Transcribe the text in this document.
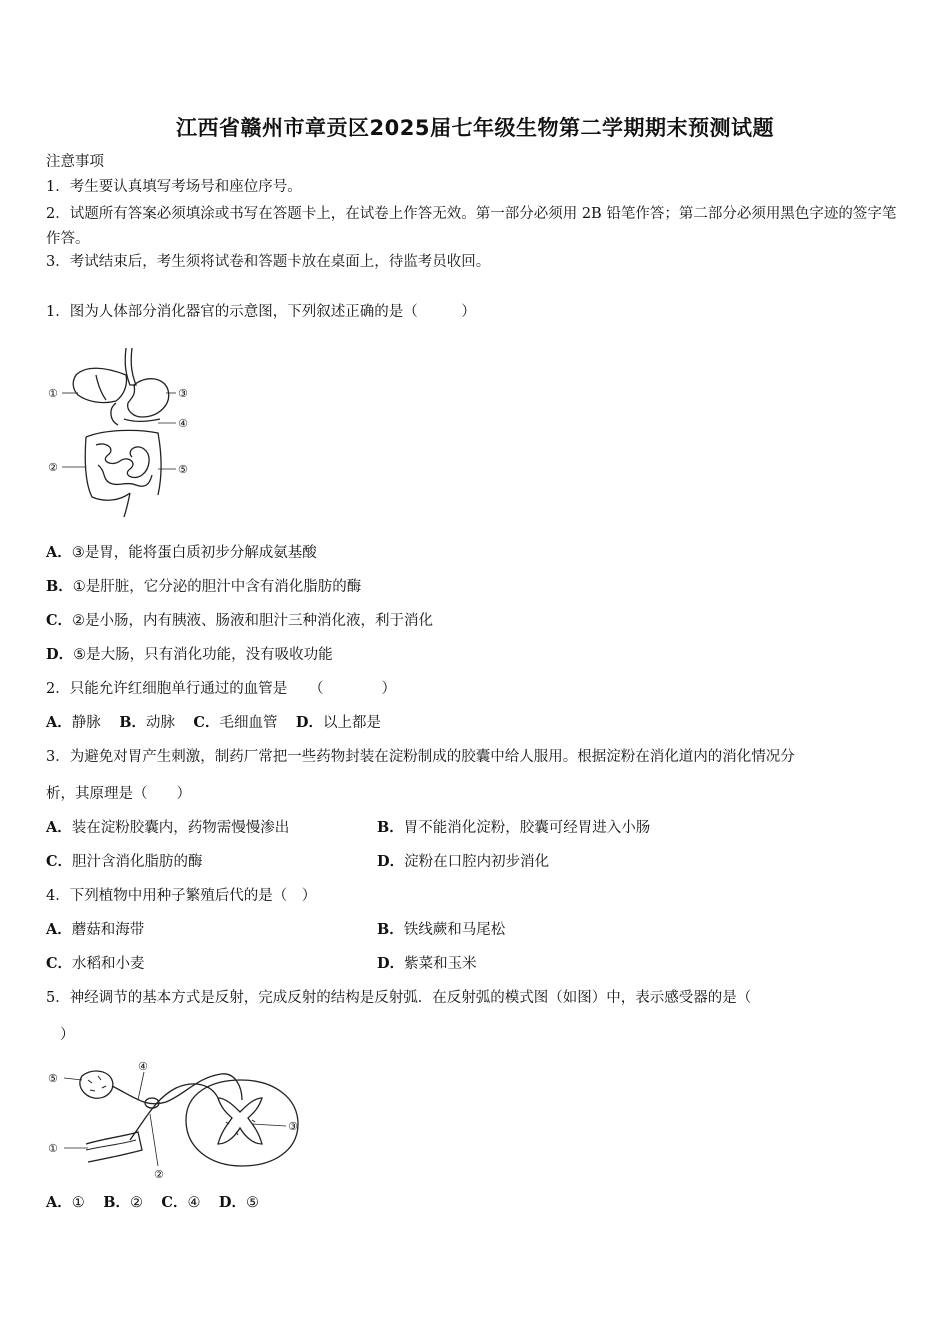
江西省赣州市章贡区2025届七年级生物第二学期期末预测试题
注意事项
1．考生要认真填写考场号和座位序号。
2．试题所有答案必须填涂或书写在答题卡上，在试卷上作答无效。第一部分必须用 2B 铅笔作答；第二部分必须用黑色字迹的签字笔作答。
3．考试结束后，考生须将试卷和答题卡放在桌面上，待监考员收回。
1．图为人体部分消化器官的示意图，下列叙述正确的是（　　　）
①
②
③
④
⑤
A．③是胃，能将蛋白质初步分解成氨基酸
B．①是肝脏，它分泌的胆汁中含有消化脂肪的酶
C．②是小肠，内有胰液、肠液和胆汁三种消化液，利于消化
D．⑤是大肠，只有消化功能，没有吸收功能
2．只能允许红细胞单行通过的血管是　　（　　　　）
A．静脉 B．动脉 C．毛细血管 D．以上都是
3．为避免对胃产生刺激，制药厂常把一些药物封装在淀粉制成的胶囊中给人服用。根据淀粉在消化道内的消化情况分
析，其原理是（　　）
A．装在淀粉胶囊内，药物需慢慢渗出	B．胃不能消化淀粉，胶囊可经胃进入小肠
C．胆汁含消化脂肪的酶	D．淀粉在口腔内初步消化
4．下列植物中用种子繁殖后代的是（　）
A．蘑菇和海带	B．铁线蕨和马尾松
C．水稻和小麦	D．紫菜和玉米
5．神经调节的基本方式是反射，完成反射的结构是反射弧．在反射弧的模式图（如图）中，表示感受器的是（
）
⑤
④
③
①
②
A．① B．② C．④ D．⑤
